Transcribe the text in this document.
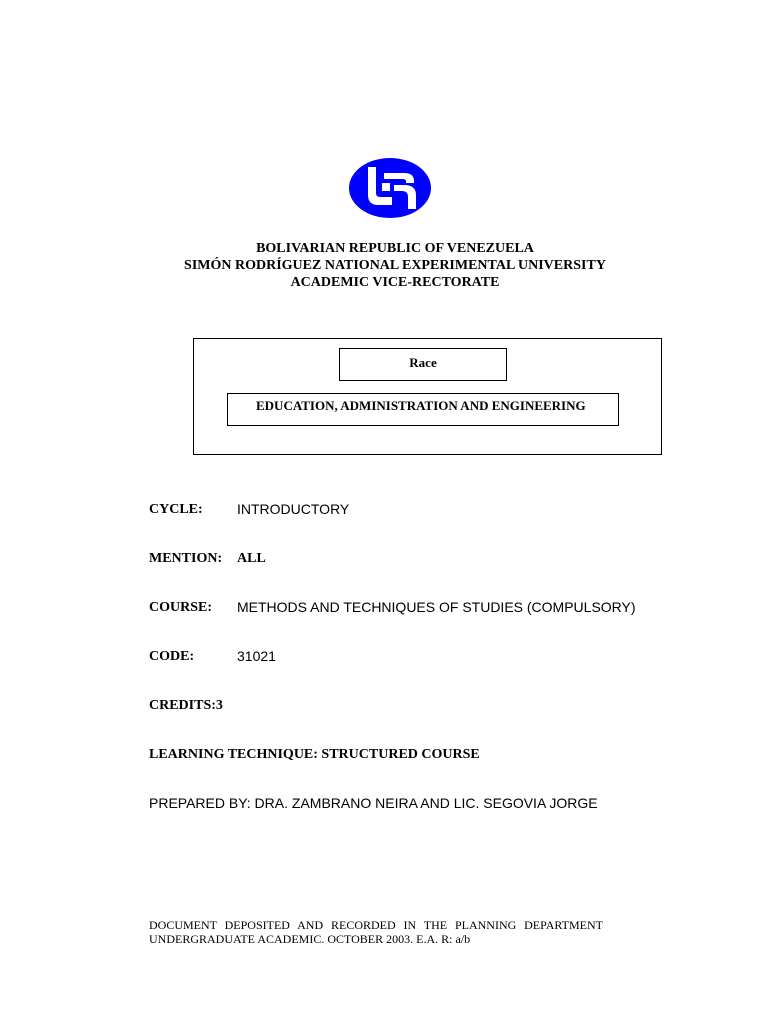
BOLIVARIAN REPUBLIC OF VENEZUELA
SIMÓN RODRÍGUEZ NATIONAL EXPERIMENTAL UNIVERSITY
ACADEMIC VICE-RECTORATE
Race
EDUCATION, ADMINISTRATION AND ENGINEERING
CYCLE: INTRODUCTORY
MENTION: ALL
COURSE: METHODS AND TECHNIQUES OF STUDIES (COMPULSORY)
CODE:	31021
CREDITS:3
LEARNING TECHNIQUE: STRUCTURED COURSE
PREPARED BY: DRA. ZAMBRANO NEIRA AND LIC. SEGOVIA JORGE
DOCUMENT DEPOSITED AND RECORDED IN THE PLANNING DEPARTMENT
UNDERGRADUATE ACADEMIC. OCTOBER 2003. E.A. R: a/b
